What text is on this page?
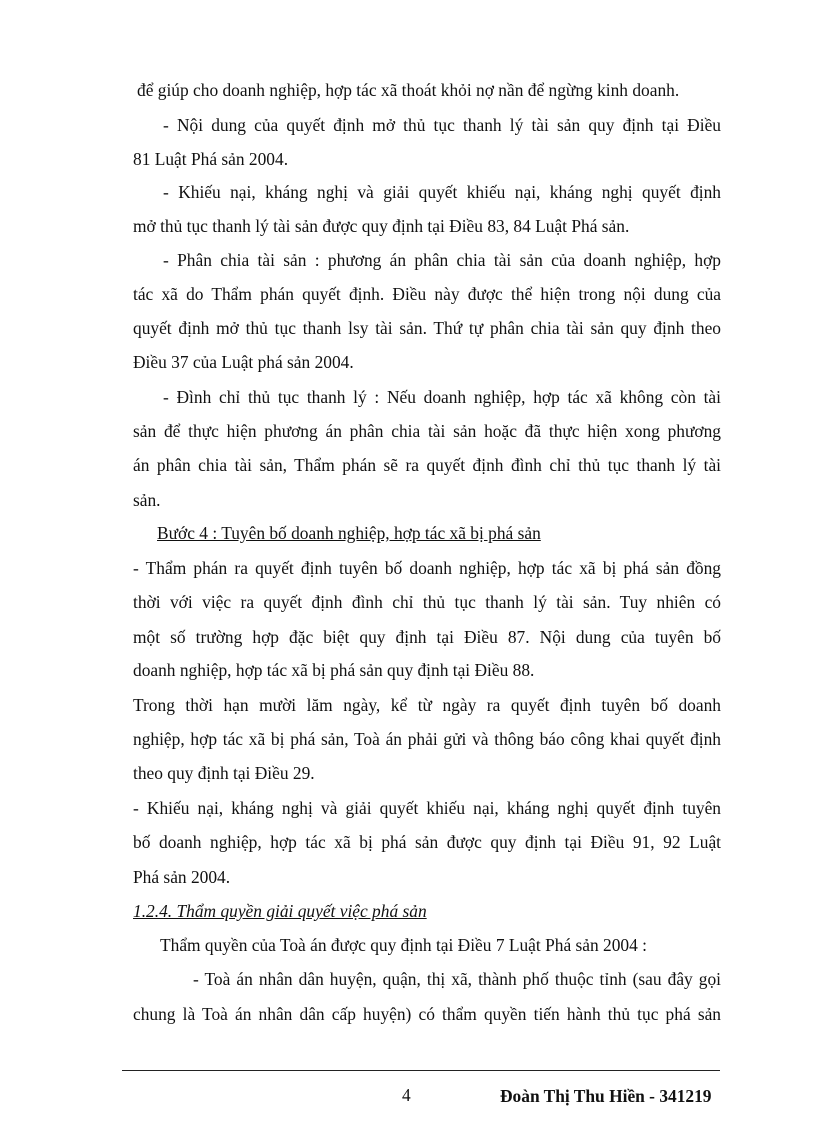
để giúp cho doanh nghiệp, hợp tác xã thoát khỏi nợ nần để ngừng kinh doanh.
- Nội dung của quyết định mở thủ tục thanh lý tài sản quy định tại Điều
81 Luật Phá sản 2004.
- Khiếu nại, kháng nghị và giải quyết khiếu nại, kháng nghị quyết định
mở thủ tục thanh lý tài sản được quy định tại Điều 83, 84 Luật Phá sản.
- Phân chia tài sản : phương án phân chia tài sản của doanh nghiệp, hợp
tác xã do Thẩm phán quyết định. Điều này được thể hiện trong nội dung của
quyết định mở thủ tục thanh lsy tài sản. Thứ tự phân chia tài sản quy định theo
Điều 37 của Luật phá sản 2004.
- Đình chỉ thủ tục thanh lý : Nếu doanh nghiệp, hợp tác xã không còn tài
sản để thực hiện phương án phân chia tài sản hoặc đã thực hiện xong phương
án phân chia tài sản, Thẩm phán sẽ ra quyết định đình chỉ thủ tục thanh lý tài
sản.
Bước 4 : Tuyên bố doanh nghiệp, hợp tác xã bị phá sản
- Thẩm phán ra quyết định tuyên bố doanh nghiệp, hợp tác xã bị phá sản đồng
thời với việc ra quyết định đình chỉ thủ tục thanh lý tài sản. Tuy nhiên có
một số trường hợp đặc biệt quy định tại Điều 87. Nội dung của tuyên bố
doanh nghiệp, hợp tác xã bị phá sản quy định tại Điều 88.
Trong thời hạn mười lăm ngày, kể từ ngày ra quyết định tuyên bố doanh
nghiệp, hợp tác xã bị phá sản, Toà án phải gửi và thông báo công khai quyết định
theo quy định tại Điều 29.
- Khiếu nại, kháng nghị và giải quyết khiếu nại, kháng nghị quyết định tuyên
bố doanh nghiệp, hợp tác xã bị phá sản được quy định tại Điều 91, 92 Luật
Phá sản 2004.
1.2.4. Thẩm quyền giải quyết việc phá sản
Thẩm quyền của Toà án được quy định tại Điều 7 Luật Phá sản 2004 :
- Toà án nhân dân huyện, quận, thị xã, thành phố thuộc tỉnh (sau đây gọi
chung là Toà án nhân dân cấp huyện) có thẩm quyền tiến hành thủ tục phá sản
4	Đoàn Thị Thu Hiền - 341219
